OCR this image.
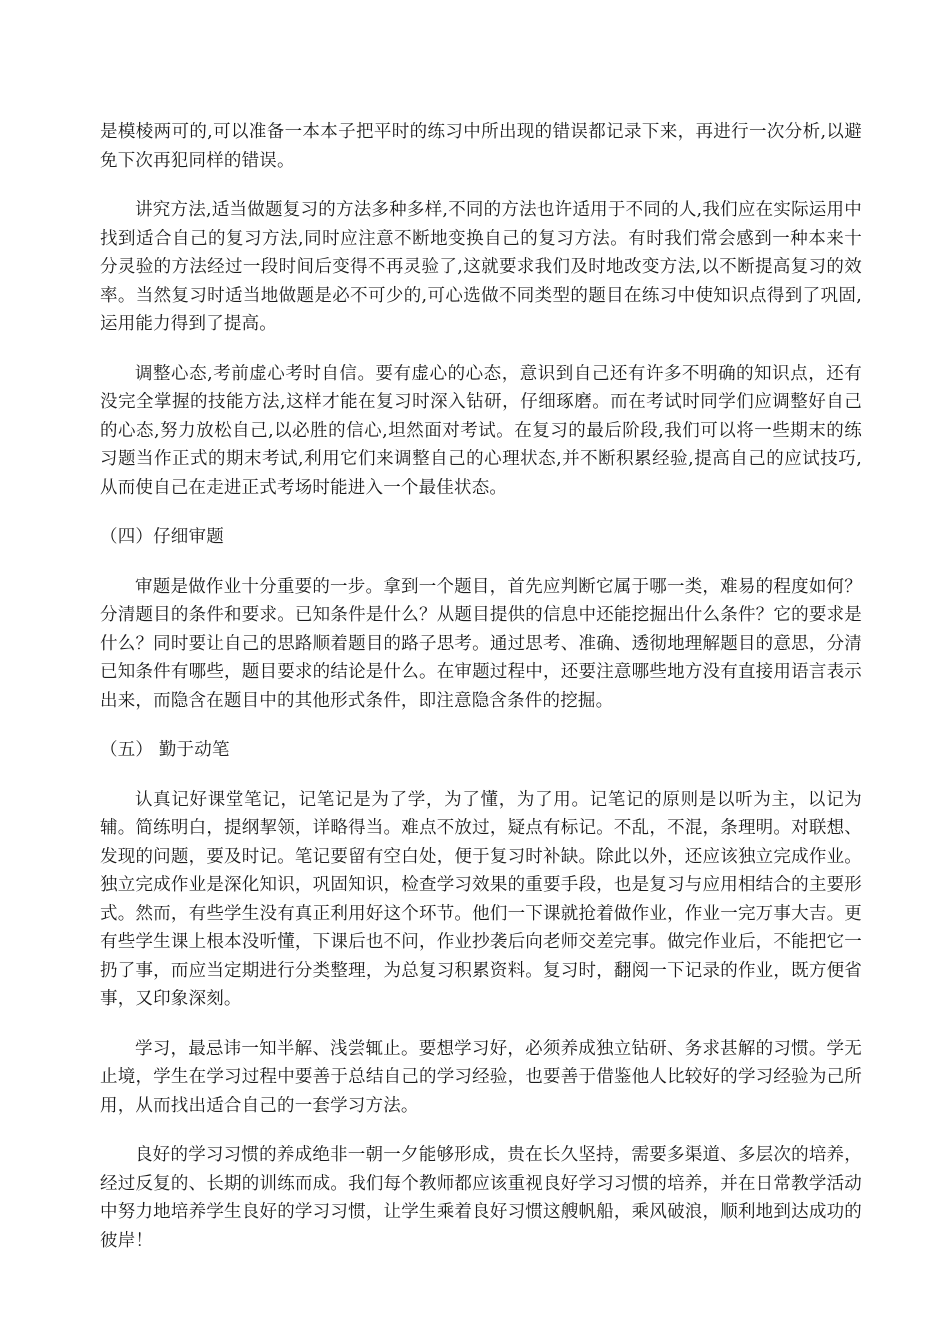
是模棱两可的,可以准备一本本子把平时的练习中所出现的错误都记录下来，再进行一次分析,以避免下次再犯同样的错误。

讲究方法,适当做题复习的方法多种多样,不同的方法也许适用于不同的人,我们应在实际运用中找到适合自己的复习方法,同时应注意不断地变换自己的复习方法。有时我们常会感到一种本来十分灵验的方法经过一段时间后变得不再灵验了,这就要求我们及时地改变方法,以不断提高复习的效率。当然复习时适当地做题是必不可少的,可心选做不同类型的题目在练习中使知识点得到了巩固,运用能力得到了提高。

调整心态,考前虚心考时自信。要有虚心的心态，意识到自己还有许多不明确的知识点，还有没完全掌握的技能方法,这样才能在复习时深入钻研，仔细琢磨。而在考试时同学们应调整好自己的心态,努力放松自己,以必胜的信心,坦然面对考试。在复习的最后阶段,我们可以将一些期末的练习题当作正式的期末考试,利用它们来调整自己的心理状态,并不断积累经验,提高自己的应试技巧,从而使自己在走进正式考场时能进入一个最佳状态。

（四）仔细审题

审题是做作业十分重要的一步。拿到一个题目，首先应判断它属于哪一类，难易的程度如何？分清题目的条件和要求。已知条件是什么？从题目提供的信息中还能挖掘出什么条件？它的要求是什么？同时要让自己的思路顺着题目的路子思考。通过思考、准确、透彻地理解题目的意思，分清已知条件有哪些，题目要求的结论是什么。在审题过程中，还要注意哪些地方没有直接用语言表示出来，而隐含在题目中的其他形式条件，即注意隐含条件的挖掘。

（五） 勤于动笔

认真记好课堂笔记，记笔记是为了学，为了懂，为了用。记笔记的原则是以听为主，以记为辅。简练明白，提纲挈领，详略得当。难点不放过，疑点有标记。不乱，不混，条理明。对联想、发现的问题，要及时记。笔记要留有空白处，便于复习时补缺。除此以外，还应该独立完成作业。独立完成作业是深化知识，巩固知识，检查学习效果的重要手段，也是复习与应用相结合的主要形式。然而，有些学生没有真正利用好这个环节。他们一下课就抢着做作业，作业一完万事大吉。更有些学生课上根本没听懂，下课后也不问，作业抄袭后向老师交差完事。做完作业后，不能把它一扔了事，而应当定期进行分类整理，为总复习积累资料。复习时，翻阅一下记录的作业，既方便省事，又印象深刻。

学习，最忌讳一知半解、浅尝辄止。要想学习好，必须养成独立钻研、务求甚解的习惯。学无止境，学生在学习过程中要善于总结自己的学习经验，也要善于借鉴他人比较好的学习经验为己所用，从而找出适合自己的一套学习方法。

良好的学习习惯的养成绝非一朝一夕能够形成，贵在长久坚持，需要多渠道、多层次的培养，经过反复的、长期的训练而成。我们每个教师都应该重视良好学习习惯的培养，并在日常教学活动中努力地培养学生良好的学习习惯，让学生乘着良好习惯这艘帆船，乘风破浪，顺利地到达成功的彼岸！
